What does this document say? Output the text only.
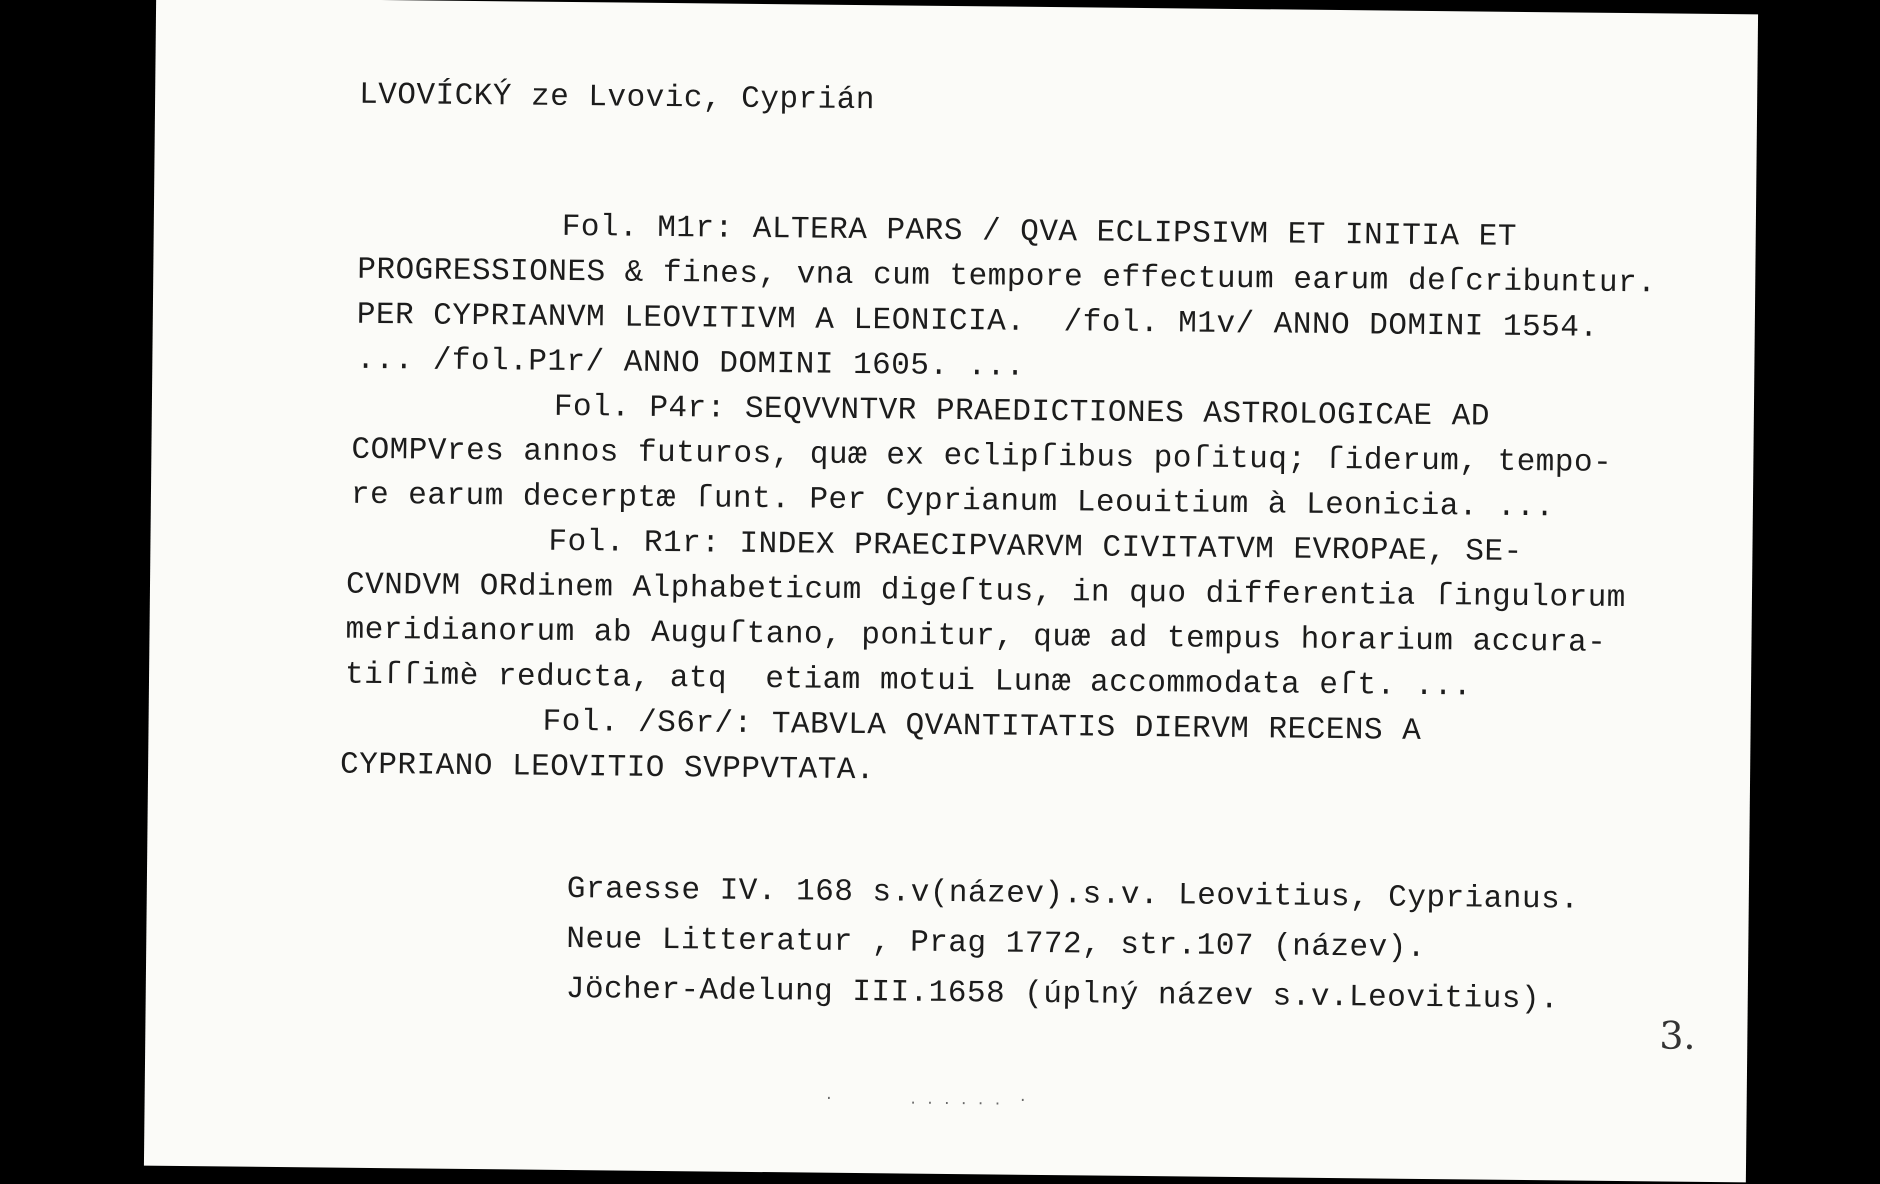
LVOVÍCKÝ ze Lvovic, Cyprián
Fol. M1r: ALTERA PARS / QVA ECLIPSIVM ET INITIA ET
PROGRESSIONES & fines, vna cum tempore effectuum earum deſcribuntur.
PER CYPRIANVM LEOVITIVM A LEONICIA.  /fol. M1v/ ANNO DOMINI 1554.
... /fol.P1r/ ANNO DOMINI 1605. ...
Fol. P4r: SEQVVNTVR PRAEDICTIONES ASTROLOGICAE AD
COMPVres annos futuros, quæ ex eclipſibus poſituq; ſiderum, tempo-
re earum decerptæ ſunt. Per Cyprianum Leouitium à Leonicia. ...
Fol. R1r: INDEX PRAECIPVARVM CIVITATVM EVROPAE, SE-
CVNDVM ORdinem Alphabeticum digeſtus, in quo differentia ſingulorum
meridianorum ab Auguſtano, ponitur, quæ ad tempus horarium accura-
tiſſimè reducta, atq  etiam motui Lunæ accommodata eſt. ...
Fol. /S6r/: TABVLA QVANTITATIS DIERVM RECENS A
CYPRIANO LEOVITIO SVPPVTATA.
Graesse IV. 168 s.v(název).s.v. Leovitius, Cyprianus.
Neue Litteratur , Prag 1772, str.107 (název).
Jöcher-Adelung III.1658 (úplný název s.v.Leovitius).
3.
·         . . . . . .  ·
